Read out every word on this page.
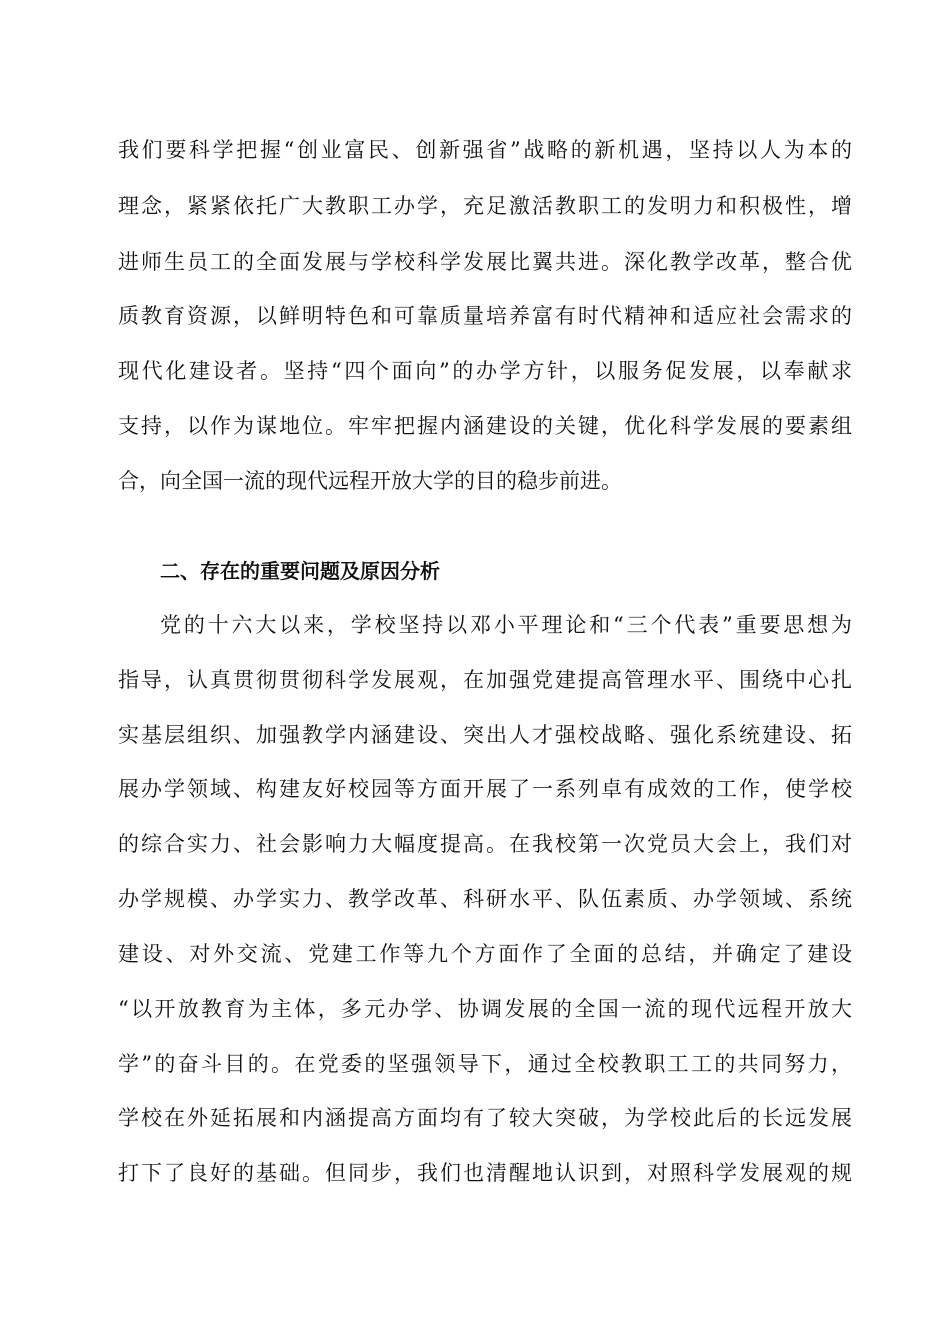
我们要科学把握“创业富民、创新强省”战略的新机遇，坚持以人为本的
理念，紧紧依托广大教职工办学，充足激活教职工的发明力和积极性，增
进师生员工的全面发展与学校科学发展比翼共进。深化教学改革，整合优
质教育资源，以鲜明特色和可靠质量培养富有时代精神和适应社会需求的
现代化建设者。坚持“四个面向”的办学方针，以服务促发展，以奉献求
支持，以作为谋地位。牢牢把握内涵建设的关键，优化科学发展的要素组
合，向全国一流的现代远程开放大学的目的稳步前进。
二、存在的重要问题及原因分析
党的十六大以来，学校坚持以邓小平理论和“三个代表”重要思想为
指导，认真贯彻贯彻科学发展观，在加强党建提高管理水平、围绕中心扎
实基层组织、加强教学内涵建设、突出人才强校战略、强化系统建设、拓
展办学领域、构建友好校园等方面开展了一系列卓有成效的工作，使学校
的综合实力、社会影响力大幅度提高。在我校第一次党员大会上，我们对
办学规模、办学实力、教学改革、科研水平、队伍素质、办学领域、系统
建设、对外交流、党建工作等九个方面作了全面的总结，并确定了建设
“以开放教育为主体，多元办学、协调发展的全国一流的现代远程开放大
学”的奋斗目的。在党委的坚强领导下，通过全校教职工工的共同努力，
学校在外延拓展和内涵提高方面均有了较大突破，为学校此后的长远发展
打下了良好的基础。但同步，我们也清醒地认识到，对照科学发展观的规
